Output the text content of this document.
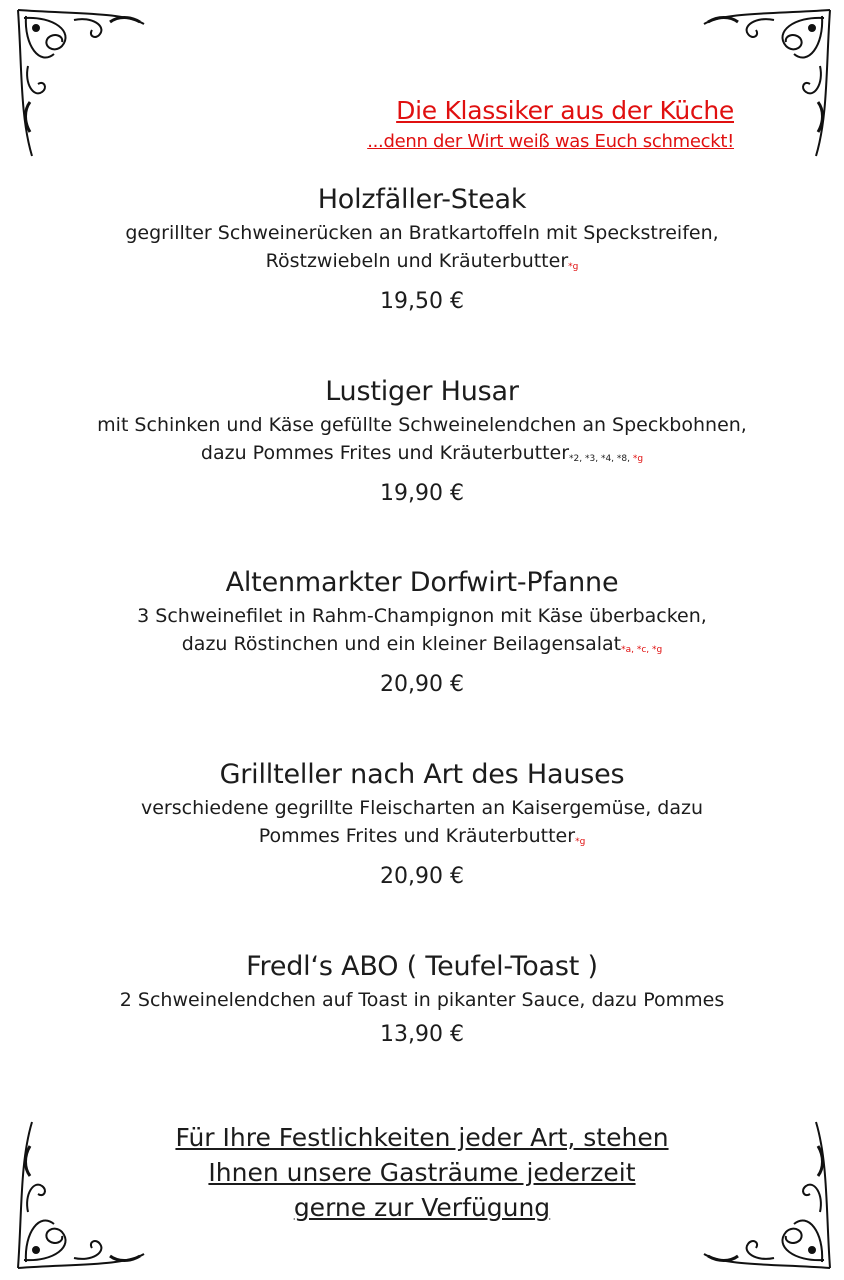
Die Klassiker aus der Küche
...denn der Wirt weiß was Euch schmeckt!
Holzfäller-Steak
gegrillter Schweinerücken an Bratkartoffeln mit Speckstreifen,
Röstzwiebeln und Kräuterbutter*g
19,50 €
Lustiger Husar
mit Schinken und Käse gefüllte Schweinelendchen an Speckbohnen,
dazu Pommes Frites und Kräuterbutter*2, *3, *4, *8, *g
19,90 €
Altenmarkter Dorfwirt-Pfanne
3 Schweinefilet in Rahm-Champignon mit Käse überbacken,
dazu Röstinchen und ein kleiner Beilagensalat*a, *c, *g
20,90 €
Grillteller nach Art des Hauses
verschiedene gegrillte Fleischarten an Kaisergemüse, dazu
Pommes Frites und Kräuterbutter*g
20,90 €
Fredl‘s ABO ( Teufel-Toast )
2 Schweinelendchen auf Toast in pikanter Sauce, dazu Pommes
13,90 €
Für Ihre Festlichkeiten jeder Art, stehen
Ihnen unsere Gasträume jederzeit
gerne zur Verfügung
